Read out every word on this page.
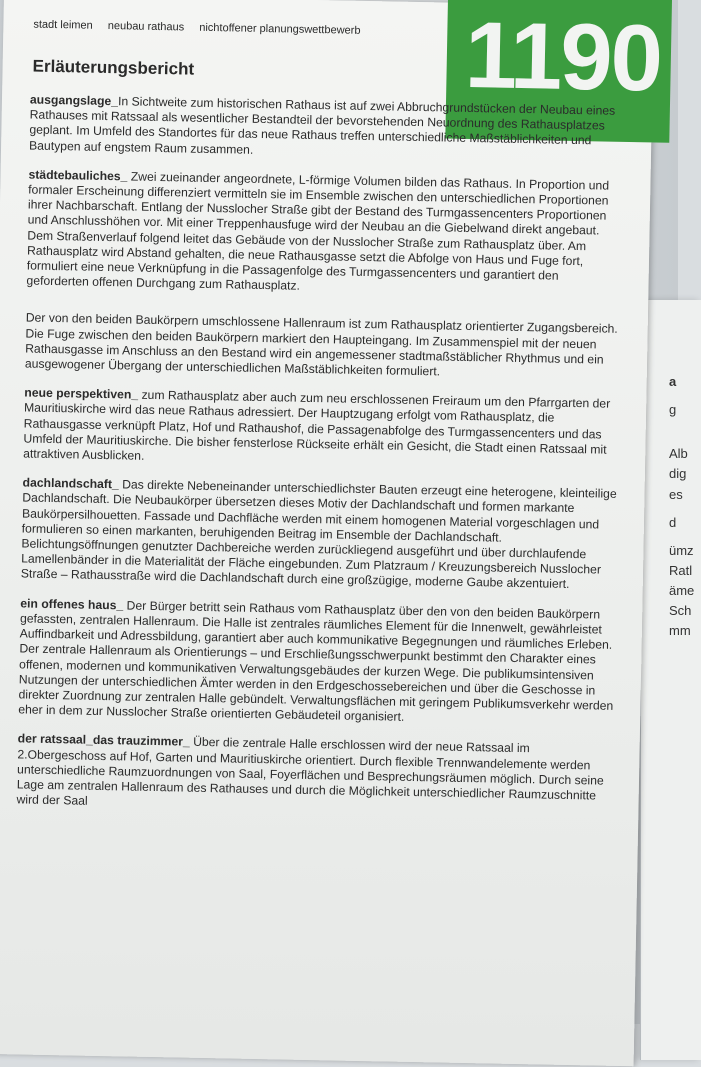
a
g
Alb
dig
es
d
ümz
Ratl
äme
Sch
mm
1190
stadt leimen neubau rathaus nichtoffener planungswettbewerb
Erläuterungsbericht

ausgangslage_In Sichtweite zum historischen Rathaus ist auf zwei Abbruchgrundstücken der Neubau eines Rathauses mit Ratssaal als wesentlicher Bestandteil der bevorstehenden Neuordnung des Rathausplatzes geplant. Im Umfeld des Standortes für das neue Rathaus treffen unterschiedliche Maßstäblichkeiten und Bautypen auf engstem Raum zusammen.

städtebauliches_ Zwei zueinander angeordnete, L-förmige Volumen bilden das Rathaus. In Proportion und formaler Erscheinung differenziert vermitteln sie im Ensemble zwischen den unterschiedlichen Proportionen ihrer Nachbarschaft. Entlang der Nusslocher Straße gibt der Bestand des Turmgassencenters Proportionen und Anschlusshöhen vor. Mit einer Treppenhausfuge wird der Neubau an die Giebelwand direkt angebaut. Dem Straßenverlauf folgend leitet das Gebäude von der Nusslocher Straße zum Rathausplatz über. Am Rathausplatz wird Abstand gehalten, die neue Rathausgasse setzt die Abfolge von Haus und Fuge fort, formuliert eine neue Verknüpfung in die Passagenfolge des Turmgassencenters und garantiert den geforderten offenen Durchgang zum Rathausplatz.

Der von den beiden Baukörpern umschlossene Hallenraum ist zum Rathausplatz orientierter Zugangsbereich. Die Fuge zwischen den beiden Baukörpern markiert den Haupteingang. Im Zusammenspiel mit der neuen Rathausgasse im Anschluss an den Bestand wird ein angemessener stadtmaßstäblicher Rhythmus und ein ausgewogener Übergang der unterschiedlichen Maßstäblichkeiten formuliert.

neue perspektiven_ zum Rathausplatz aber auch zum neu erschlossenen Freiraum um den Pfarrgarten der Mauritiuskirche wird das neue Rathaus adressiert. Der Hauptzugang erfolgt vom Rathausplatz, die Rathausgasse verknüpft Platz, Hof und Rathaushof, die Passagenabfolge des Turmgassencenters und das Umfeld der Mauritiuskirche. Die bisher fensterlose Rückseite erhält ein Gesicht, die Stadt einen Ratssaal mit attraktiven Ausblicken.

dachlandschaft_ Das direkte Nebeneinander unterschiedlichster Bauten erzeugt eine heterogene, kleinteilige Dachlandschaft. Die Neubaukörper übersetzen dieses Motiv der Dachlandschaft und formen markante Baukörpersilhouetten. Fassade und Dachfläche werden mit einem homogenen Material vorgeschlagen und formulieren so einen markanten, beruhigenden Beitrag im Ensemble der Dachlandschaft. Belichtungsöffnungen genutzter Dachbereiche werden zurückliegend ausgeführt und über durchlaufende Lamellenbänder in die Materialität der Fläche eingebunden. Zum Platzraum / Kreuzungsbereich Nusslocher Straße – Rathausstraße wird die Dachlandschaft durch eine großzügige, moderne Gaube akzentuiert.

ein offenes haus_ Der Bürger betritt sein Rathaus vom Rathausplatz über den von den beiden Baukörpern gefassten, zentralen Hallenraum. Die Halle ist zentrales räumliches Element für die Innenwelt, gewährleistet Auffindbarkeit und Adressbildung, garantiert aber auch kommunikative Begegnungen und räumliches Erleben. Der zentrale Hallenraum als Orientierungs – und Erschließungsschwerpunkt bestimmt den Charakter eines offenen, modernen und kommunikativen Verwaltungsgebäudes der kurzen Wege. Die publikumsintensiven Nutzungen der unterschiedlichen Ämter werden in den Erdgeschossebereichen und über die Geschosse in direkter Zuordnung zur zentralen Halle gebündelt. Verwaltungsflächen mit geringem Publikumsverkehr werden eher in dem zur Nusslocher Straße orientierten Gebäudeteil organisiert.

der ratssaal_das trauzimmer_ Über die zentrale Halle erschlossen wird der neue Ratssaal im 2.Obergeschoss auf Hof, Garten und Mauritiuskirche orientiert. Durch flexible Trennwandelemente werden unterschiedliche Raumzuordnungen von Saal, Foyerflächen und Besprechungsräumen möglich. Durch seine Lage am zentralen Hallenraum des Rathauses und durch die Möglichkeit unterschiedlicher Raumzuschnitte wird der Saal
